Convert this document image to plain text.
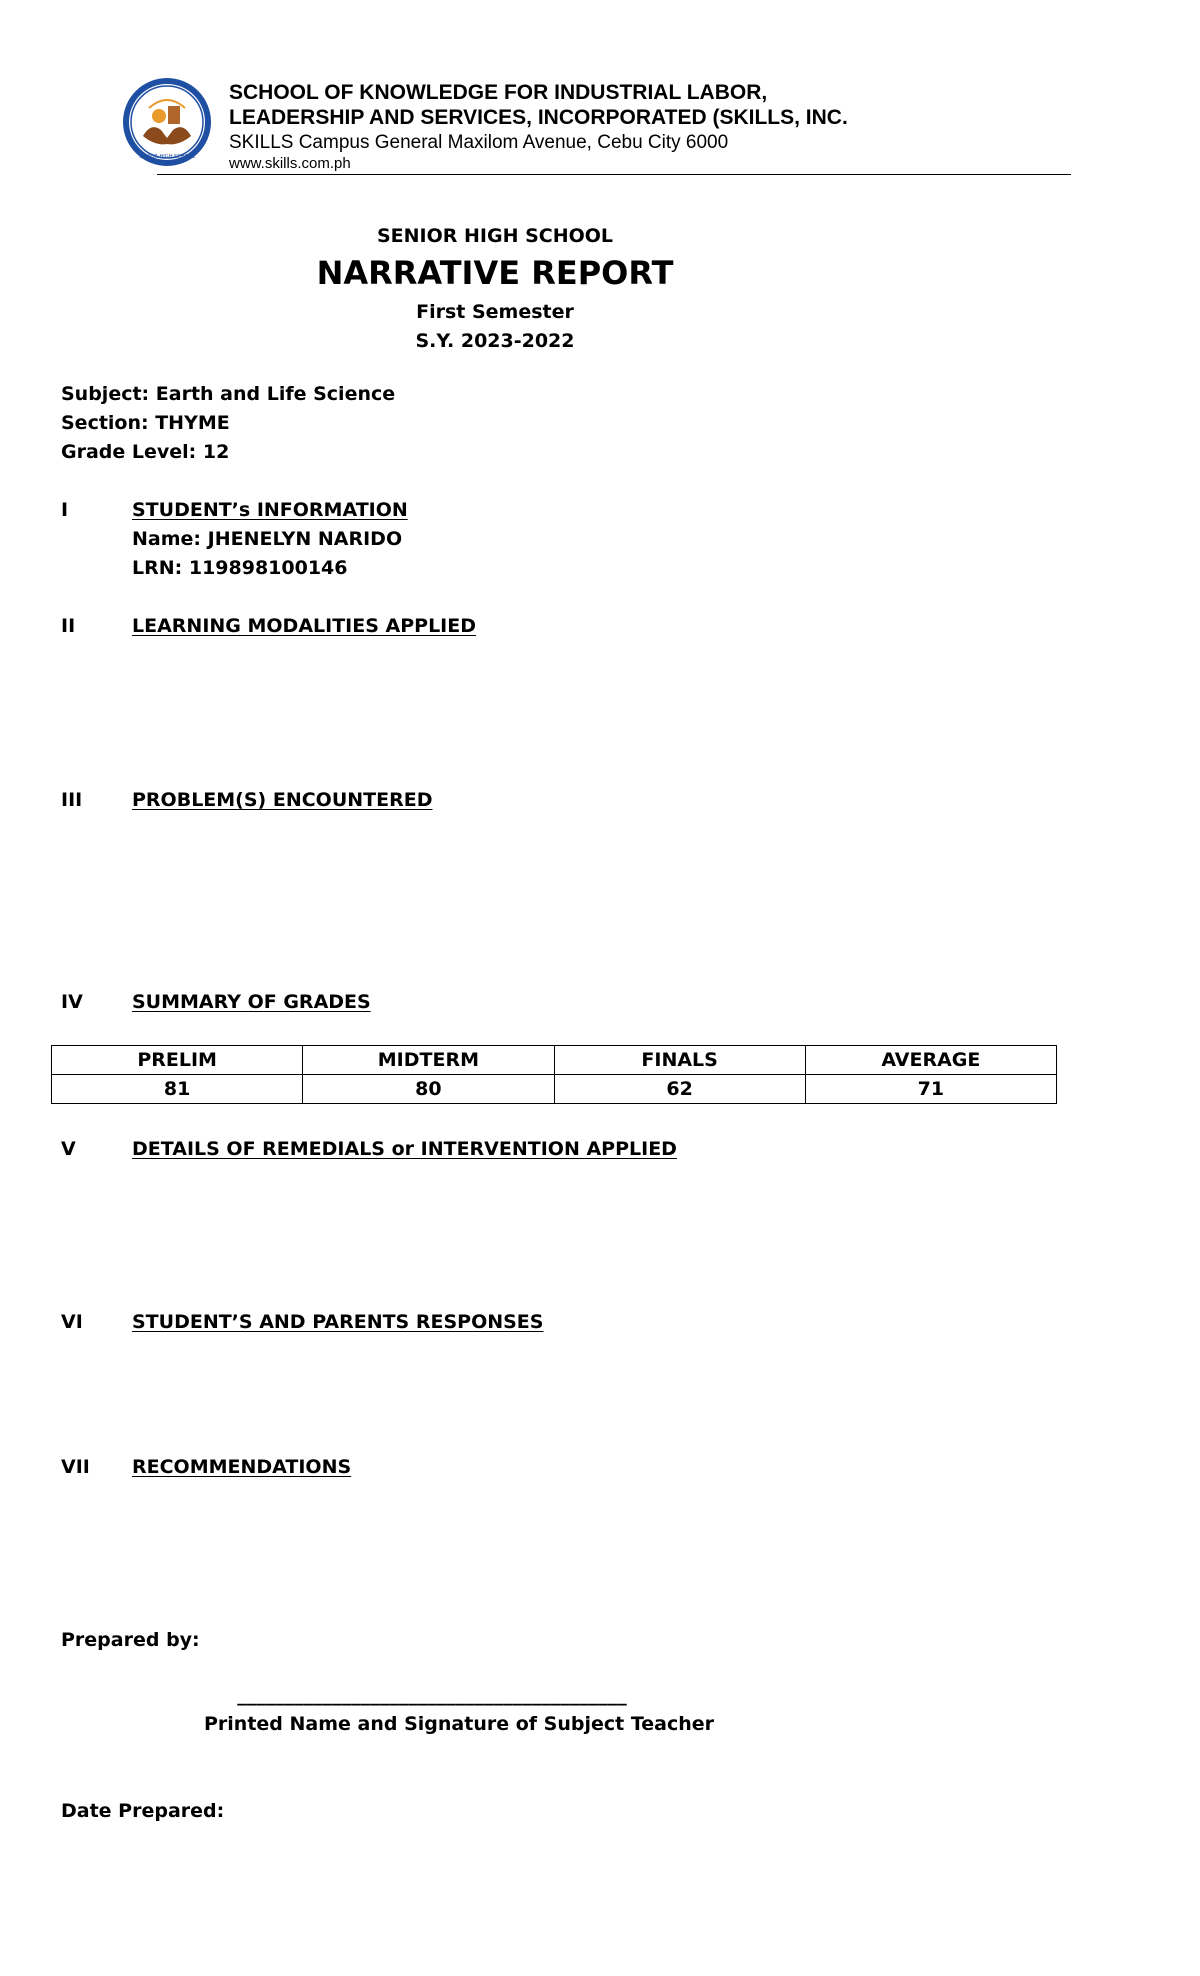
SENIOR HIGH SCHOOL
SCHOOL OF KNOWLEDGE FOR INDUSTRIAL LABOR,
LEADERSHIP AND SERVICES, INCORPORATED (SKILLS, INC.
SKILLS Campus General Maxilom Avenue, Cebu City 6000
www.skills.com.ph
SENIOR HIGH SCHOOL
NARRATIVE REPORT
First Semester
S.Y. 2023-2022
Subject: Earth and Life Science
Section: THYME
Grade Level: 12
I	STUDENT’s INFORMATION
Name: JHENELYN NARIDO
LRN: 119898100146
II	LEARNING MODALITIES APPLIED
III	PROBLEM(S) ENCOUNTERED
IV	SUMMARY OF GRADES
PRELIM	MIDTERM	FINALS	AVERAGE
81	80	62	71
V	DETAILS OF REMEDIALS or INTERVENTION APPLIED
VI	STUDENT’S AND PARENTS RESPONSES
VII RECOMMENDATIONS
Prepared by:
_________________________________________
Printed Name and Signature of Subject Teacher
Date Prepared:
